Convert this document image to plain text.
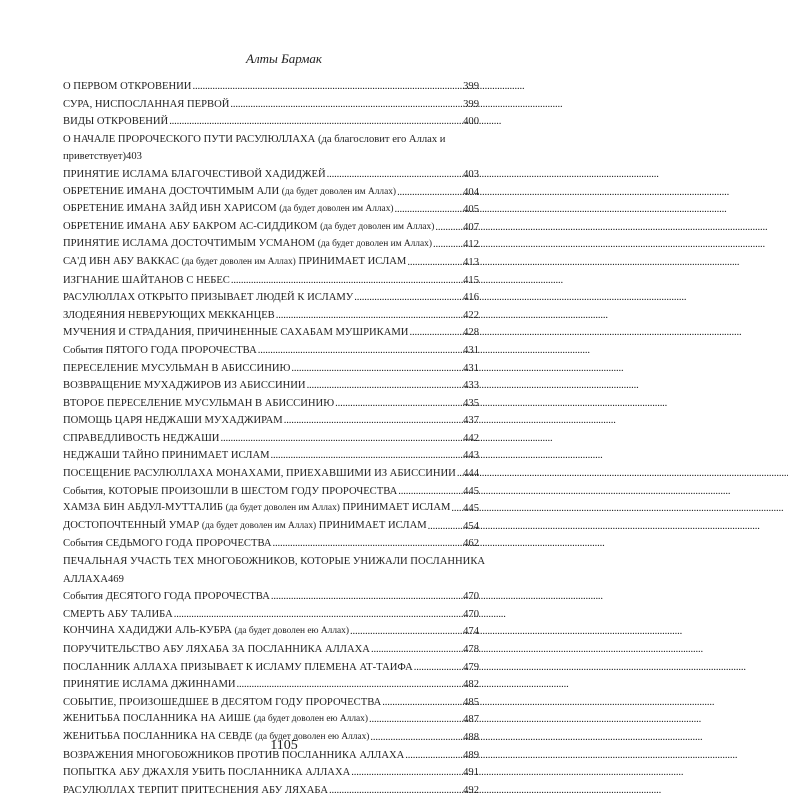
Алты Бармак
О ПЕРВОМ ОТКРОВЕНИИ . . .	399
СУРА, НИСПОСЛАННАЯ ПЕРВОЙ . . .	399
ВИДЫ ОТКРОВЕНИЙ . . .	400
О НАЧАЛЕ ПРОРОЧЕСКОГО ПУТИ РАСУЛЮЛЛАХА (да благословит его Аллах и
приветствует) 403
ПРИНЯТИЕ ИСЛАМА БЛАГОЧЕСТИВОЙ ХАДИДЖЕЙ . . .	403
ОБРЕТЕНИЕ ИМАНА ДОСТОЧТИМЫМ АЛИ (да будет доволен им Аллах) . . .	404
ОБРЕТЕНИЕ ИМАНА ЗАЙД ИБН ХАРИСОМ (да будет доволен им Аллах) . . .	405
ОБРЕТЕНИЕ ИМАНА АБУ БАКРОМ АС-СИДДИКОМ (да будет доволен им Аллах) . . .	407
ПРИНЯТИЕ ИСЛАМА ДОСТОЧТИМЫМ УСМАНОМ (да будет доволен им Аллах) . . .	412
СА'Д ИБН АБУ ВАККАС (да будет доволен им Аллах) ПРИНИМАЕТ ИСЛАМ . . .	413
ИЗГНАНИЕ ШАЙТАНОВ С НЕБЕС . . .	415
РАСУЛЮЛЛАХ ОТКРЫТО ПРИЗЫВАЕТ ЛЮДЕЙ К ИСЛАМУ . . .	416
ЗЛОДЕЯНИЯ НЕВЕРУЮЩИХ МЕККАНЦЕВ . . .	422
МУЧЕНИЯ И СТРАДАНИЯ, ПРИЧИНЕННЫЕ САХАБАМ МУШРИКАМИ . . .	428
События ПЯТОГО ГОДА ПРОРОЧЕСТВА . . .	431
ПЕРЕСЕЛЕНИЕ МУСУЛЬМАН В АБИССИНИЮ . . .	431
ВОЗВРАЩЕНИЕ МУХАДЖИРОВ ИЗ АБИССИНИИ . . .	433
ВТОРОЕ ПЕРЕСЕЛЕНИЕ МУСУЛЬМАН В АБИССИНИЮ . . .	435
ПОМОЩЬ ЦАРЯ НЕДЖАШИ МУХАДЖИРАМ . . .	437
СПРАВЕДЛИВОСТЬ НЕДЖАШИ . . .	442
НЕДЖАШИ ТАЙНО ПРИНИМАЕТ ИСЛАМ . . .	443
ПОСЕЩЕНИЕ РАСУЛЮЛЛАХА МОНАХАМИ, ПРИЕХАВШИМИ ИЗ АБИССИНИИ . . . 444
События, КОТОРЫЕ ПРОИЗОШЛИ В ШЕСТОМ ГОДУ ПРОРОЧЕСТВА . . .	445
ХАМЗА БИН АБДУЛ-МУТТАЛИБ (да будет доволен им Аллах) ПРИНИМАЕТ ИСЛАМ . . . 445
ДОСТОПОЧТЕННЫЙ УМАР (да будет доволен им Аллах) ПРИНИМАЕТ ИСЛАМ . . .	454
События СЕДЬМОГО ГОДА ПРОРОЧЕСТВА . . .	462
ПЕЧАЛЬНАЯ УЧАСТЬ ТЕХ МНОГОБОЖНИКОВ, КОТОРЫЕ УНИЖАЛИ ПОСЛАННИКА
АЛЛАХА 469
События ДЕСЯТОГО ГОДА ПРОРОЧЕСТВА . . .	470
СМЕРТЬ АБУ ТАЛИБА . . .	470
КОНЧИНА ХАДИДЖИ АЛЬ-КУБРА (да будет доволен ею Аллах) . . .	474
ПОРУЧИТЕЛЬСТВО АБУ ЛЯХАБА ЗА ПОСЛАННИКА АЛЛАХА . . .	478
ПОСЛАННИК АЛЛАХА ПРИЗЫВАЕТ К ИСЛАМУ ПЛЕМЕНА АТ-ТАИФА . . .	479
ПРИНЯТИЕ ИСЛАМА ДЖИННАМИ . . .	482
СОБЫТИЕ, ПРОИЗОШЕДШЕЕ В ДЕСЯТОМ ГОДУ ПРОРОЧЕСТВА . . .	485
ЖЕНИТЬБА ПОСЛАННИКА НА АИШЕ (да будет доволен ею Аллах) . . .	487
ЖЕНИТЬБА ПОСЛАННИКА НА СЕВДЕ (да будет доволен ею Аллах) . . .	488
ВОЗРАЖЕНИЯ МНОГОБОЖНИКОВ ПРОТИВ ПОСЛАННИКА АЛЛАХА . . .	489
ПОПЫТКА АБУ ДЖАХЛЯ УБИТЬ ПОСЛАННИКА АЛЛАХА . . .	491
РАСУЛЮЛЛАХ ТЕРПИТ ПРИТЕСНЕНИЯ АБУ ЛЯХАБА . . .	492
1105
